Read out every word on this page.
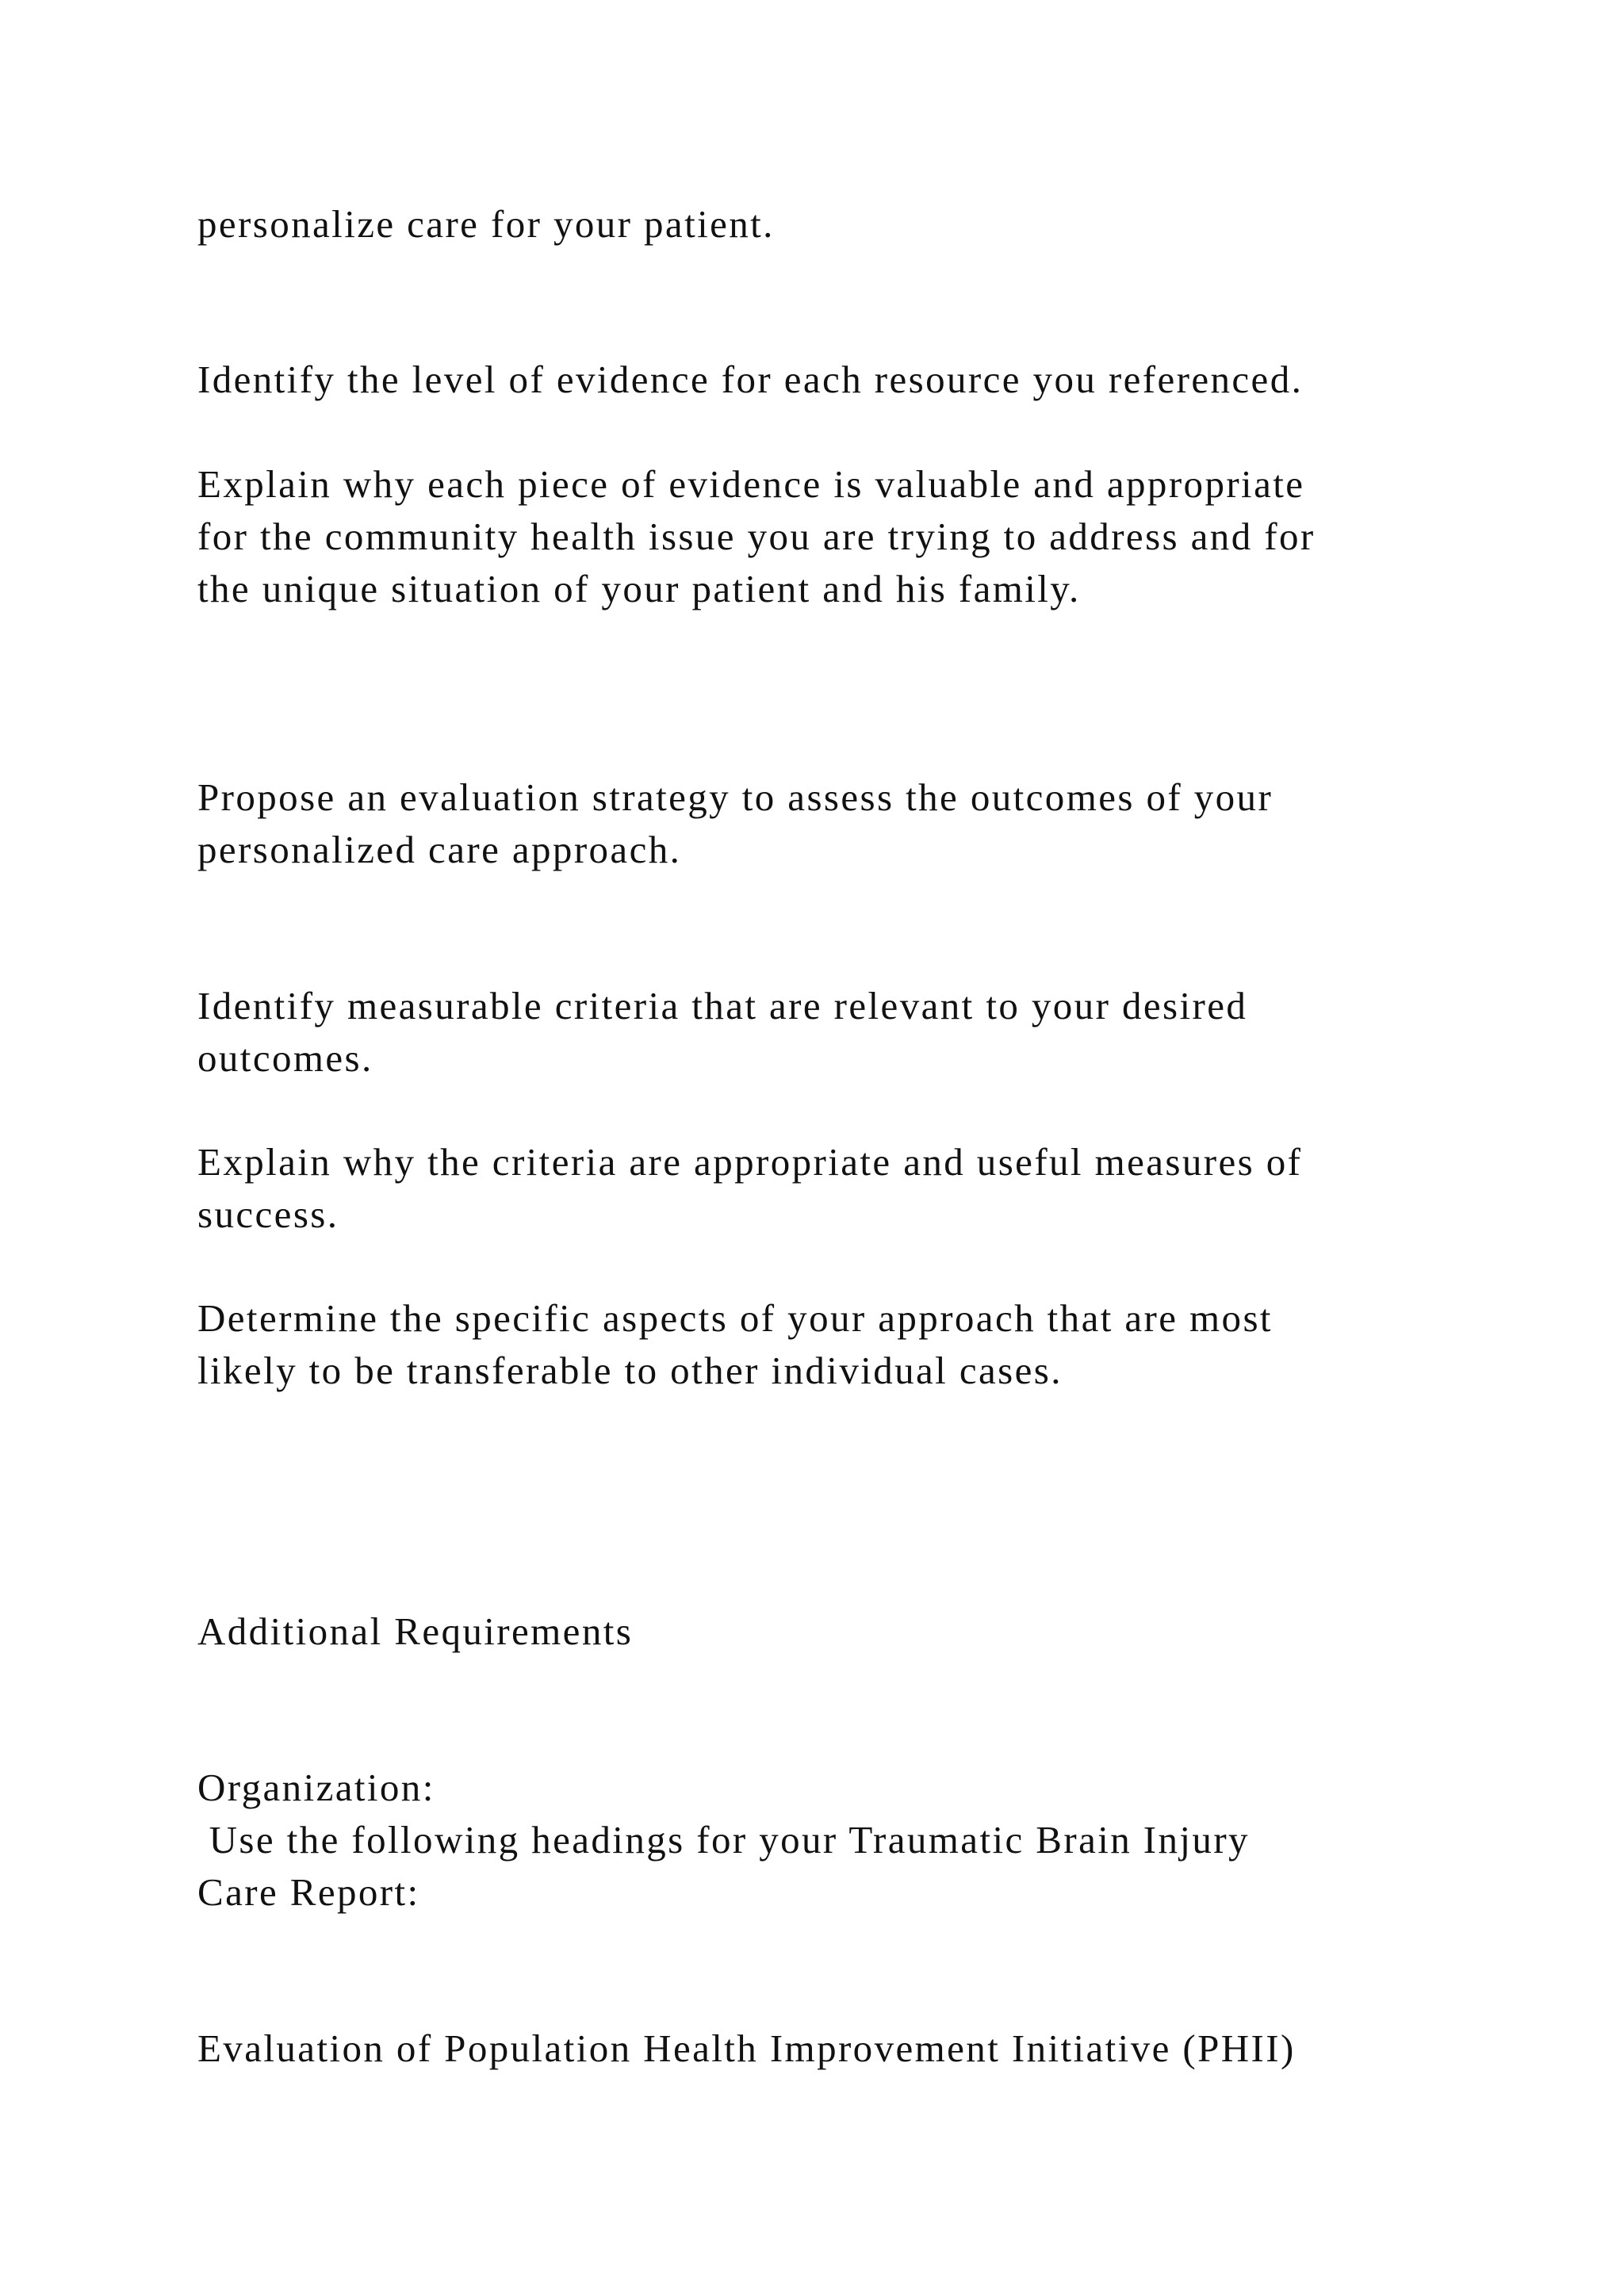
personalize care for your patient.

Identify the level of evidence for each resource you referenced.

Explain why each piece of evidence is valuable and appropriate

for the community health issue you are trying to address and for

the unique situation of your patient and his family.

Propose an evaluation strategy to assess the outcomes of your

personalized care approach.

Identify measurable criteria that are relevant to your desired

outcomes.

Explain why the criteria are appropriate and useful measures of

success.

Determine the specific aspects of your approach that are most

likely to be transferable to other individual cases.

Additional Requirements

Organization:

Use the following headings for your Traumatic Brain Injury

Care Report:

Evaluation of Population Health Improvement Initiative (PHII)
